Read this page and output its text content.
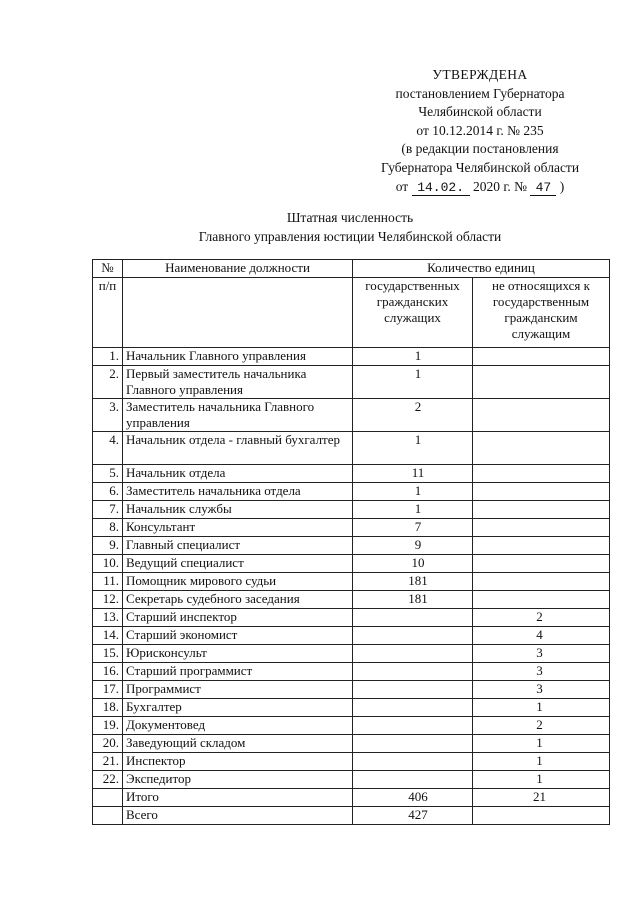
УТВЕРЖДЕНА
постановлением Губернатора
Челябинской области
от 10.12.2014 г. № 235
(в редакции постановления
Губернатора Челябинской области
от 14.02. 2020 г. № 47 )
Штатная численность
Главного управления юстиции Челябинской области
№	Наименование должности	Количество единиц	
п/п		государственных гражданских служащих	не относящихся к государственным гражданским служащим
1.	Начальник Главного управления	1	
2.	Первый заместитель начальника Главного управления	1	
3.	Заместитель начальника Главного управления	2	
4.	Начальник отдела - главный бухгалтер	1	
5.	Начальник отдела	11	
6.	Заместитель начальника отдела	1	
7.	Начальник службы	1	
8.	Консультант	7	
9.	Главный специалист	9	
10.	Ведущий специалист	10	
11.	Помощник мирового судьи	181	
12.	Секретарь судебного заседания	181	
13.	Старший инспектор		2
14.	Старший экономист		4
15.	Юрисконсульт		3
16.	Старший программист		3
17.	Программист		3
18.	Бухгалтер		1
19.	Документовед		2
20.	Заведующий складом		1
21.	Инспектор		1
22.	Экспедитор		1
	Итого	406	21
	Всего	427	
